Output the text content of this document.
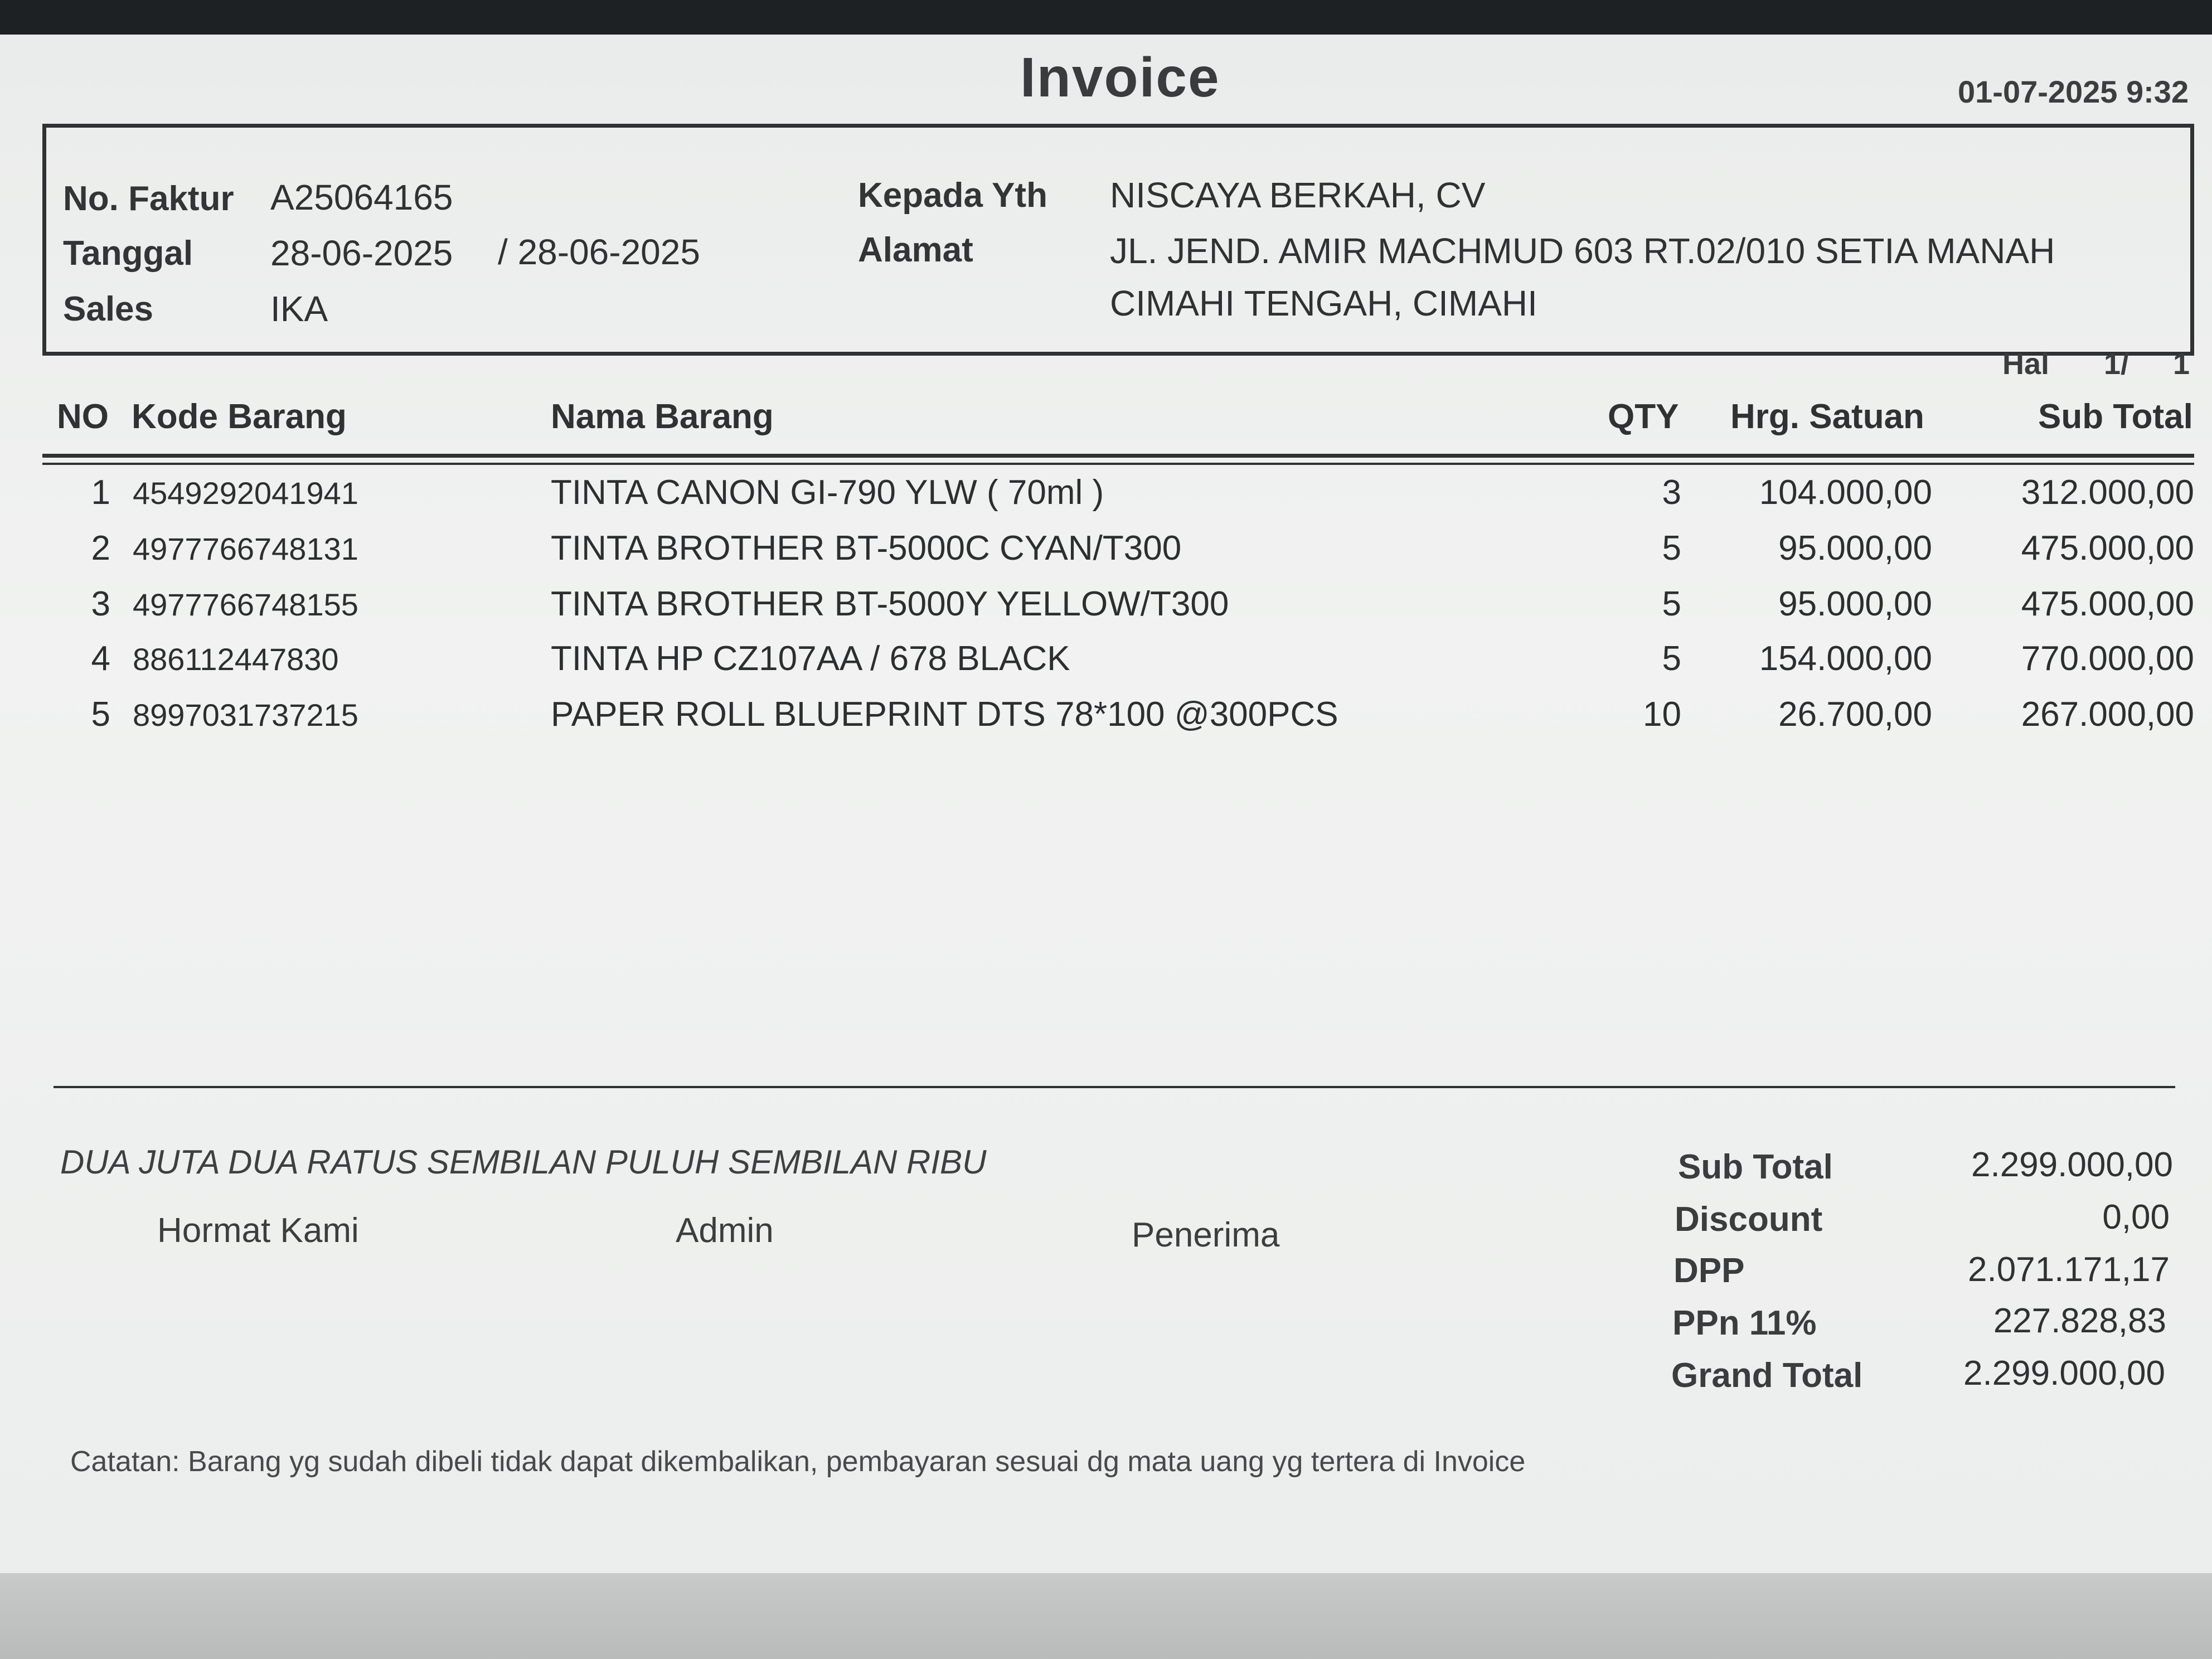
Invoice	01-07-2025 9:32
No. Faktur A25064165
Tanggal 28-06-2025 / 28-06-2025
Sales	IKA
Kepada Yth NISCAYA BERKAH, CV
Alamat	JL. JEND. AMIR MACHMUD 603 RT.02/010 SETIA MANAH
CIMAHI TENGAH, CIMAHI
Hal 1/ 1
NO Kode Barang	Nama Barang	QTY Hrg. Satuan	Sub Total
1 4549292041941	TINTA CANON GI-790 YLW ( 70ml )	3	104.000,00	312.000,00
2 4977766748131	TINTA BROTHER BT-5000C CYAN/T300	5	95.000,00	475.000,00
3 4977766748155	TINTA BROTHER BT-5000Y YELLOW/T300	5	95.000,00	475.000,00
4 886112447830	TINTA HP CZ107AA / 678 BLACK	5	154.000,00	770.000,00
5 8997031737215	PAPER ROLL BLUEPRINT DTS 78*100 @300PCS	10	26.700,00	267.000,00
DUA JUTA DUA RATUS SEMBILAN PULUH SEMBILAN RIBU
Hormat Kami	Admin	Penerima
Sub Total	2.299.000,00
Discount	0,00
DPP	2.071.171,17
PPn 11%	227.828,83
Grand Total	2.299.000,00
Catatan: Barang yg sudah dibeli tidak dapat dikembalikan, pembayaran sesuai dg mata uang yg tertera di Invoice
